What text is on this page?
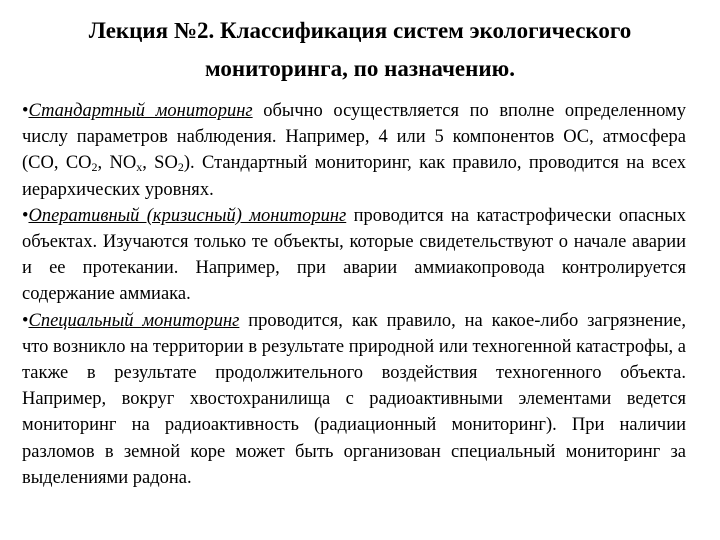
Лекция №2. Классификация систем экологического
мониторинга, по назначению.

•Стандартный мониторинг обычно осуществляется по вполне определенному числу параметров наблюдения. Например, 4 или 5 компонентов ОС, атмосфера (СО, $СО_2$, $NO_x$, $SO_2$). Стандартный мониторинг, как правило, проводится на всех иерархических уровнях.

•Оперативный (кризисный) мониторинг проводится на катастрофически опасных объектах. Изучаются только те объекты, которые свидетельствуют о начале аварии и ее протекании. Например, при аварии аммиакопровода контролируется содержание аммиака.

•Специальный мониторинг проводится, как правило, на какое-либо загрязнение, что возникло на территории в результате природной или техногенной катастрофы, а также в результате продолжительного воздействия техногенного объекта. Например, вокруг хвостохранилища с радиоактивными элементами ведется мониторинг на радиоактивность (радиационный мониторинг). При наличии разломов в земной коре может быть организован специальный мониторинг за выделениями радона.
